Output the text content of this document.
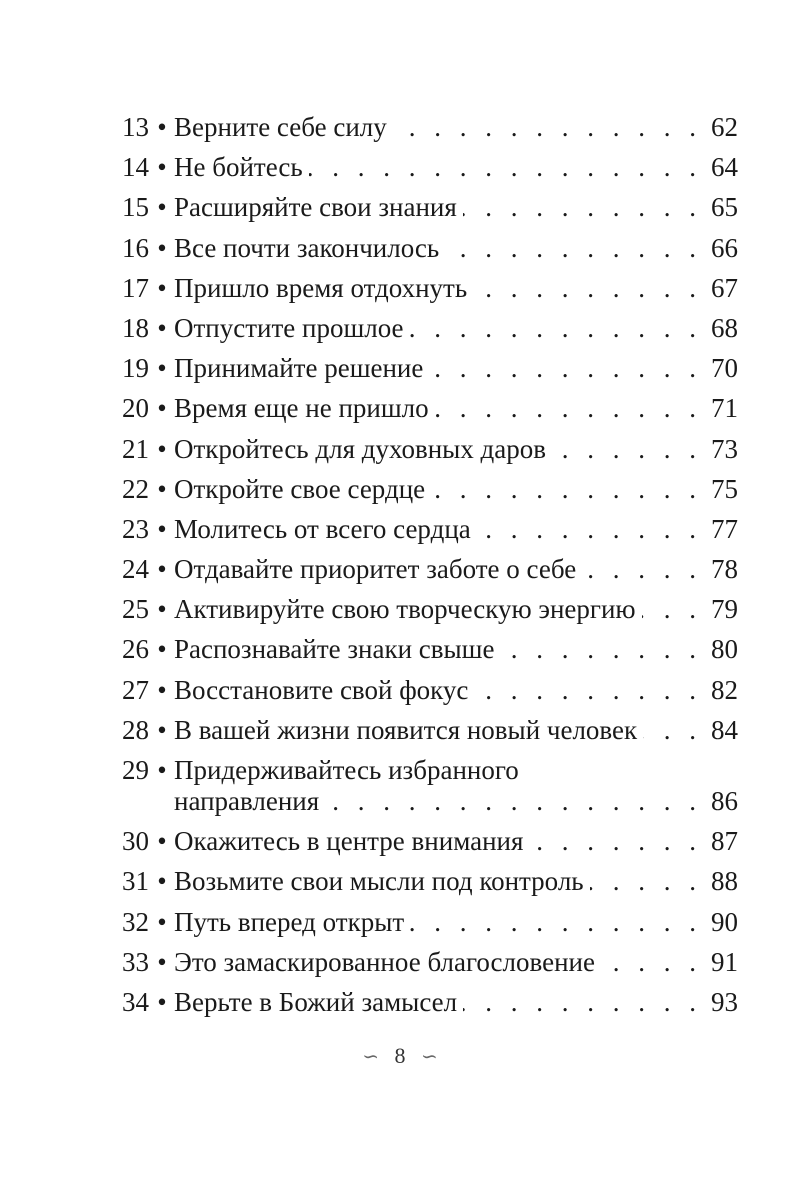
13 • Верните себе силу . . .	62
14 • Не бойтесь . . .	64
15 • Расширяйте свои знания . . .	65
16 • Все почти закончилось . . .	66
17 • Пришло время отдохнуть . . .	67
18 • Отпустите прошлое . . .	68
19 • Принимайте решение . . .	70
20 • Время еще не пришло . . .	71
21 • Откройтесь для духовных даров . . .	73
22 • Откройте свое сердце . . .	75
23 • Молитесь от всего сердца . . .	77
24 • Отдавайте приоритет заботе о себе . . .	78
25 • Активируйте свою творческую энергию . . .	79
26 • Распознавайте знаки свыше . . .	80
27 • Восстановите свой фокус . . .	82
28 • В вашей жизни появится новый человек . . .	84
29 • Придерживайтесь избранного
направления . . .	86
30 • Окажитесь в центре внимания . . .	87
31 • Возьмите свои мысли под контроль . . .	88
32 • Путь вперед открыт . . .	90
33 • Это замаскированное благословение . . .	91
34 • Верьте в Божий замысел . . .	93
∽ 8 ∽
